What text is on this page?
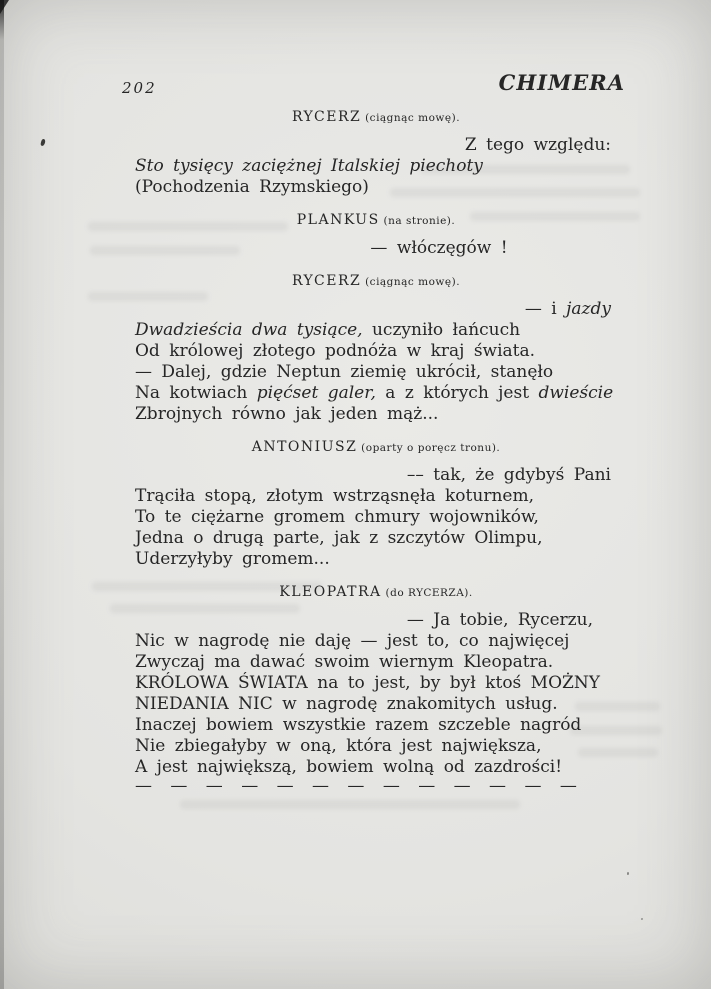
202	CHIMERA
RYCERZ (ciągnąc mowę).
Z tego względu:
Sto tysięcy zaciężnej Italskiej piechoty
(Pochodzenia Rzymskiego)
PLANKUS (na stronie).
— włóczęgów !
RYCERZ (ciągnąc mowę).
— i jazdy
Dwadzieścia dwa tysiące, uczyniło łańcuch
Od królowej złotego podnóża w kraj świata.
— Dalej, gdzie Neptun ziemię ukrócił, stanęło
Na kotwiach pięćset galer, a z których jest dwieście
Zbrojnych równo jak jeden mąż...
ANTONIUSZ (oparty o poręcz tronu).
–– tak, że gdybyś Pani
Trąciła stopą, złotym wstrząsnęła koturnem,
To te ciężarne gromem chmury wojowników,
Jedna o drugą parte, jak z szczytów Olimpu,
Uderzyłyby gromem...
KLEOPATRA (do RYCERZA).
— Ja tobie, Rycerzu,
Nic w nagrodę nie daję — jest to, co najwięcej
Zwyczaj ma dawać swoim wiernym Kleopatra.
KRÓLOWA ŚWIATA na to jest, by był ktoś MOŻNY
NIEDANIA NIC w nagrodę znakomitych usług.
Inaczej bowiem wszystkie razem szczeble nagród
Nie zbiegałyby w oną, która jest największa,
A jest największą, bowiem wolną od zazdrości!
— — — — — — — — — — — — —
